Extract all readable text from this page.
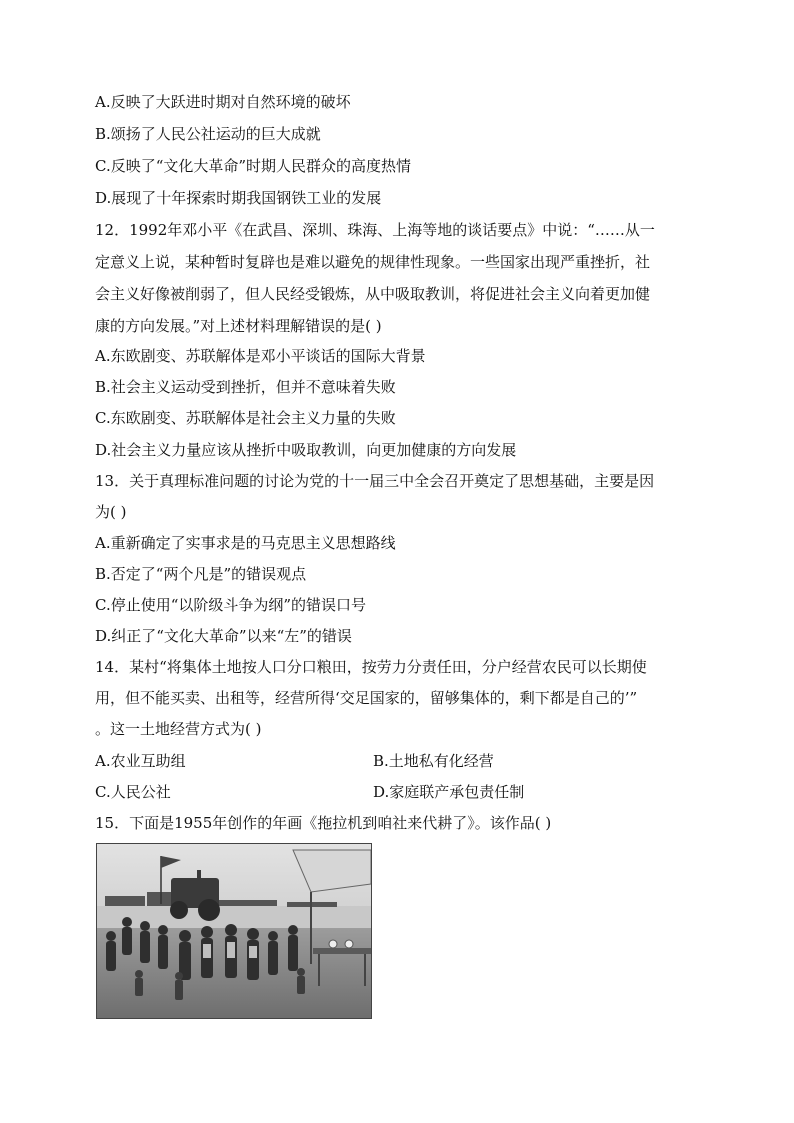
A.反映了大跃进时期对自然环境的破坏
B.颂扬了人民公社运动的巨大成就
C.反映了“文化大革命”时期人民群众的高度热情
D.展现了十年探索时期我国钢铁工业的发展
12．1992年邓小平《在武昌、深圳、珠海、上海等地的谈话要点》中说：“……从一
定意义上说，某种暂时复辟也是难以避免的规律性现象。一些国家出现严重挫折，社
会主义好像被削弱了，但人民经受锻炼，从中吸取教训，将促进社会主义向着更加健
康的方向发展。”对上述材料理解错误的是( )
A.东欧剧变、苏联解体是邓小平谈话的国际大背景
B.社会主义运动受到挫折，但并不意味着失败
C.东欧剧变、苏联解体是社会主义力量的失败
D.社会主义力量应该从挫折中吸取教训，向更加健康的方向发展
13．关于真理标准问题的讨论为党的十一届三中全会召开奠定了思想基础，主要是因
为( )
A.重新确定了实事求是的马克思主义思想路线
B.否定了“两个凡是”的错误观点
C.停止使用“以阶级斗争为纲”的错误口号
D.纠正了“文化大革命”以来“左”的错误
14．某村“将集体土地按人口分口粮田，按劳力分责任田，分户经营农民可以长期使
用，但不能买卖、出租等，经营所得‘交足国家的，留够集体的，剩下都是自己的’”
。这一土地经营方式为( )
A.农业互助组	B.土地私有化经营
C.人民公社	D.家庭联产承包责任制
15．下面是1955年创作的年画《拖拉机到咱社来代耕了》。该作品( )
